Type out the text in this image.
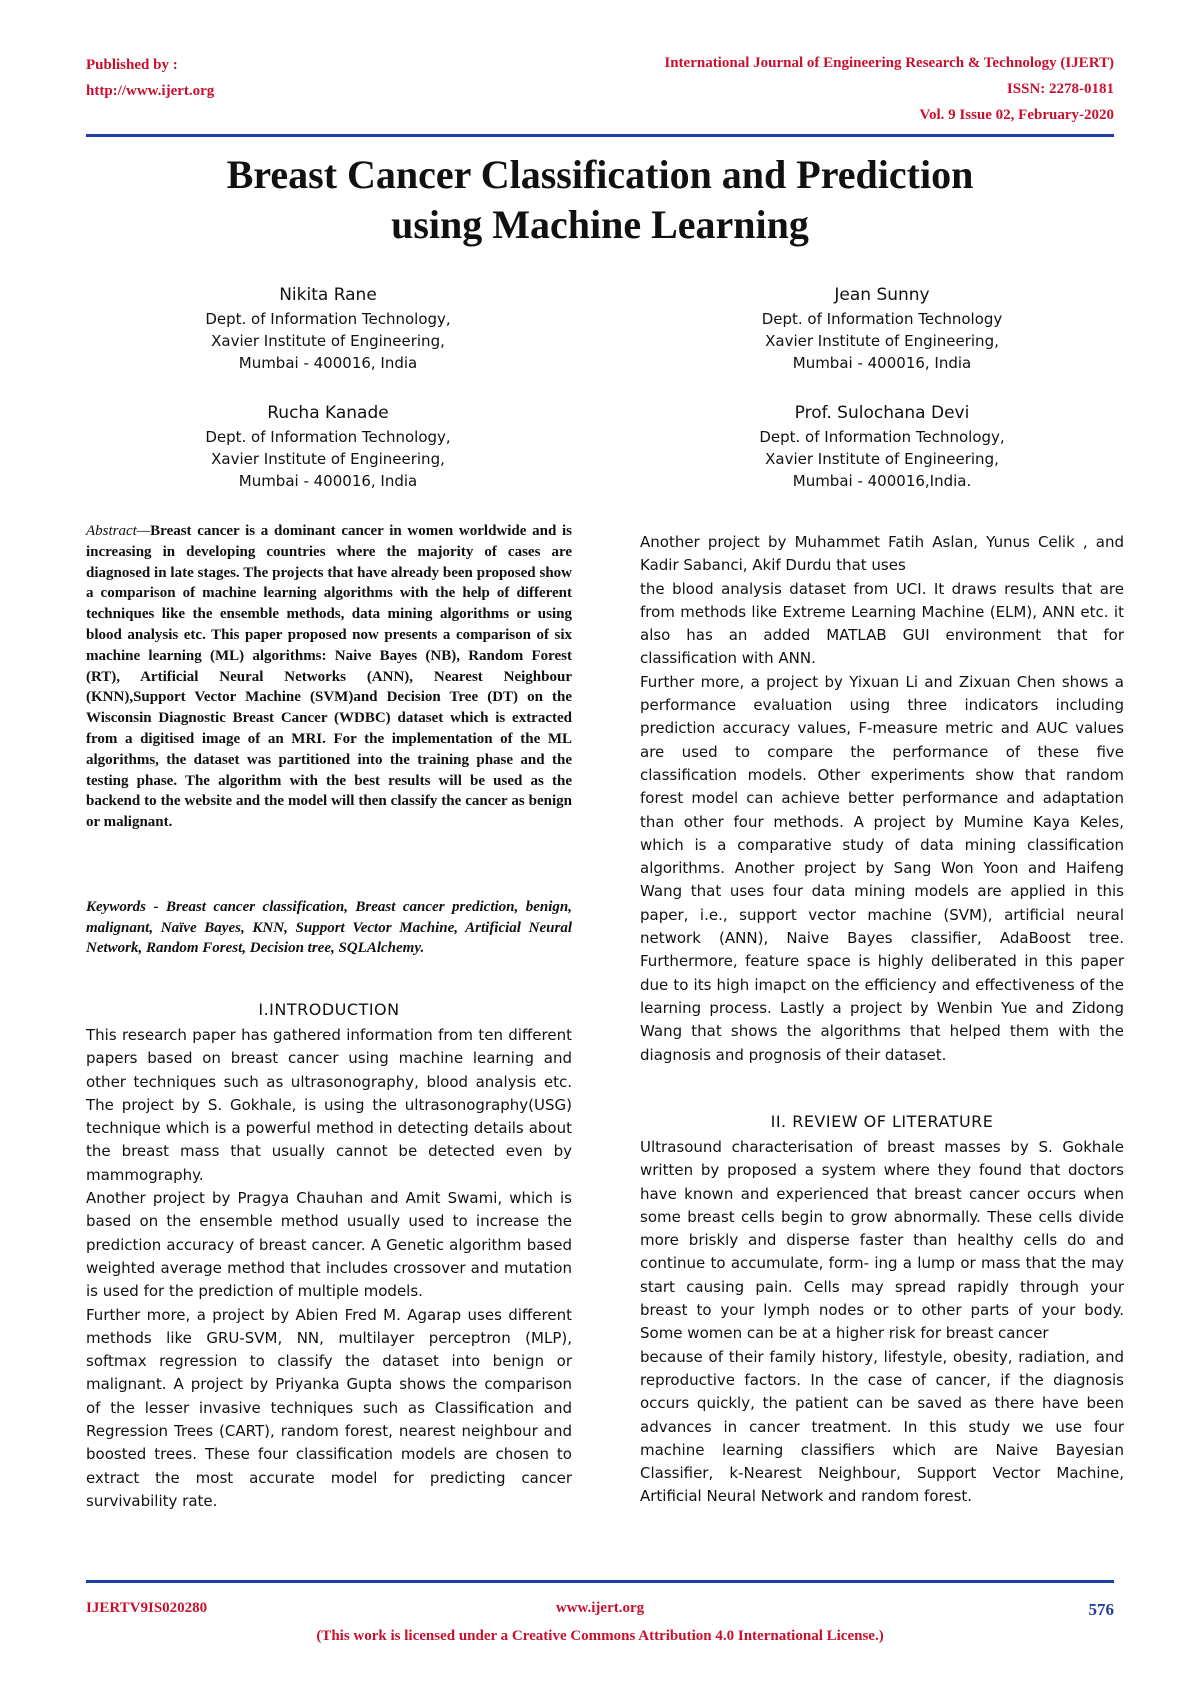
Published by :
http://www.ijert.org
International Journal of Engineering Research & Technology (IJERT)
ISSN: 2278-0181
Vol. 9 Issue 02, February-2020
Breast Cancer Classification and Prediction
using Machine Learning
Nikita Rane
Dept. of Information Technology,
Xavier Institute of Engineering,
Mumbai - 400016, India
Jean Sunny
Dept. of Information Technology
Xavier Institute of Engineering,
Mumbai - 400016, India
Rucha Kanade
Dept. of Information Technology,
Xavier Institute of Engineering,
Mumbai - 400016, India
Prof. Sulochana Devi
Dept. of Information Technology,
Xavier Institute of Engineering,
Mumbai - 400016,India.
Abstract—Breast cancer is a dominant cancer in women worldwide and is increasing in developing countries where the majority of cases are diagnosed in late stages. The projects that have already been proposed show a comparison of machine learning algorithms with the help of different techniques like the ensemble methods, data mining algorithms or using blood analysis etc. This paper proposed now presents a comparison of six machine learning (ML) algorithms: Naive Bayes (NB), Random Forest (RT), Artificial Neural Networks (ANN), Nearest Neighbour (KNN),Support Vector Machine (SVM)and Decision Tree (DT) on the Wisconsin Diagnostic Breast Cancer (WDBC) dataset which is extracted from a digitised image of an MRI. For the implementation of the ML algorithms, the dataset was partitioned into the training phase and the testing phase. The algorithm with the best results will be used as the backend to the website and the model will then classify the cancer as benign or malignant.
Keywords - Breast cancer classification, Breast cancer prediction, benign, malignant, Naïve Bayes, KNN, Support Vector Machine, Artificial Neural Network, Random Forest, Decision tree, SQLAlchemy.
I.INTRODUCTION

This research paper has gathered information from ten different papers based on breast cancer using machine learning and other techniques such as ultrasonography, blood analysis etc. The project by S. Gokhale, is using the ultrasonography(USG) technique which is a powerful method in detecting details about the breast mass that usually cannot be detected even by mammography.

Another project by Pragya Chauhan and Amit Swami, which is based on the ensemble method usually used to increase the prediction accuracy of breast cancer. A Genetic algorithm based weighted average method that includes crossover and mutation is used for the prediction of multiple models.

Further more, a project by Abien Fred M. Agarap uses different methods like GRU-SVM, NN, multilayer perceptron (MLP), softmax regression to classify the dataset into benign or malignant. A project by Priyanka Gupta shows the comparison of the lesser invasive techniques such as Classification and Regression Trees (CART), random forest, nearest neighbour and boosted trees. These four classification models are chosen to extract the most accurate model for predicting cancer survivability rate.

Another project by Muhammet Fatih Aslan, Yunus Celik , and Kadir Sabanci, Akif Durdu that uses

the blood analysis dataset from UCI. It draws results that are from methods like Extreme Learning Machine (ELM), ANN etc. it also has an added MATLAB GUI environment that for classification with ANN.

Further more, a project by Yixuan Li and Zixuan Chen shows a performance evaluation using three indicators including prediction accuracy values, F-measure metric and AUC values are used to compare the performance of these five classification models. Other experiments show that random forest model can achieve better performance and adaptation than other four methods. A project by Mumine Kaya Keles, which is a comparative study of data mining classification algorithms. Another project by Sang Won Yoon and Haifeng Wang that uses four data mining models are applied in this paper, i.e., support vector machine (SVM), artificial neural network (ANN), Naive Bayes classifier, AdaBoost tree. Furthermore, feature space is highly deliberated in this paper due to its high imapct on the efficiency and effectiveness of the learning process. Lastly a project by Wenbin Yue and Zidong Wang that shows the algorithms that helped them with the diagnosis and prognosis of their dataset.

II. REVIEW OF LITERATURE

Ultrasound characterisation of breast masses by S. Gokhale written by proposed a system where they found that doctors have known and experienced that breast cancer occurs when some breast cells begin to grow abnormally. These cells divide more briskly and disperse faster than healthy cells do and continue to accumulate, form- ing a lump or mass that the may start causing pain. Cells may spread rapidly through your breast to your lymph nodes or to other parts of your body. Some women can be at a higher risk for breast cancer

because of their family history, lifestyle, obesity, radiation, and reproductive factors. In the case of cancer, if the diagnosis occurs quickly, the patient can be saved as there have been advances in cancer treatment. In this study we use four machine learning classifiers which are Naive Bayesian Classifier, k-Nearest Neighbour, Support Vector Machine, Artificial Neural Network and random forest.

IJERTV9IS020280	www.ijert.org	576
(This work is licensed under a Creative Commons Attribution 4.0 International License.)
